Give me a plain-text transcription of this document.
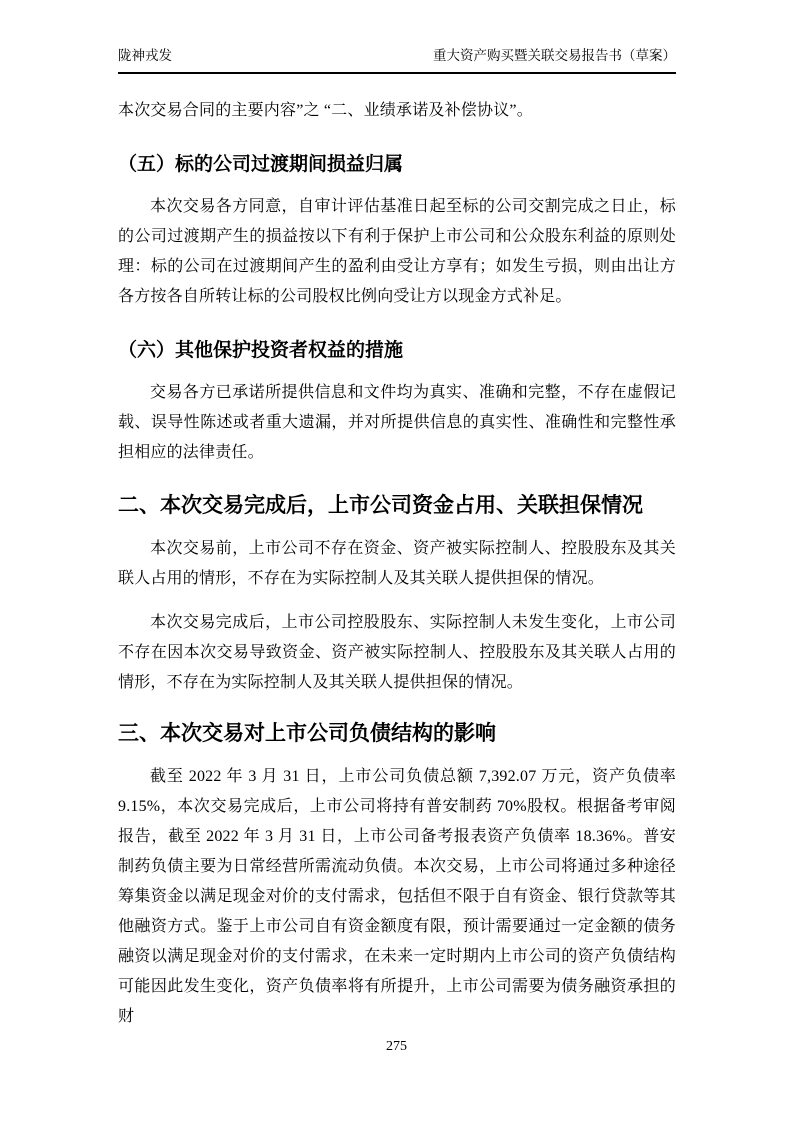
陇神戎发	重大资产购买暨关联交易报告书（草案）

本次交易合同的主要内容”之 “二、业绩承诺及补偿协议”。

（五）标的公司过渡期间损益归属

本次交易各方同意，自审计评估基准日起至标的公司交割完成之日止，标的公司过渡期产生的损益按以下有利于保护上市公司和公众股东利益的原则处理：标的公司在过渡期间产生的盈利由受让方享有；如发生亏损，则由出让方各方按各自所转让标的公司股权比例向受让方以现金方式补足。

（六）其他保护投资者权益的措施

交易各方已承诺所提供信息和文件均为真实、准确和完整，不存在虚假记载、误导性陈述或者重大遗漏，并对所提供信息的真实性、准确性和完整性承担相应的法律责任。

二、本次交易完成后，上市公司资金占用、关联担保情况

本次交易前，上市公司不存在资金、资产被实际控制人、控股股东及其关联人占用的情形，不存在为实际控制人及其关联人提供担保的情况。

本次交易完成后，上市公司控股股东、实际控制人未发生变化，上市公司不存在因本次交易导致资金、资产被实际控制人、控股股东及其关联人占用的情形，不存在为实际控制人及其关联人提供担保的情况。

三、本次交易对上市公司负债结构的影响

截至 2022 年 3 月 31 日，上市公司负债总额 7,392.07 万元，资产负债率 9.15%，本次交易完成后，上市公司将持有普安制药 70%股权。根据备考审阅报告，截至 2022 年 3 月 31 日，上市公司备考报表资产负债率 18.36%。普安制药负债主要为日常经营所需流动负债。本次交易，上市公司将通过多种途径筹集资金以满足现金对价的支付需求，包括但不限于自有资金、银行贷款等其他融资方式。鉴于上市公司自有资金额度有限，预计需要通过一定金额的债务融资以满足现金对价的支付需求，在未来一定时期内上市公司的资产负债结构可能因此发生变化，资产负债率将有所提升，上市公司需要为债务融资承担的财

275
